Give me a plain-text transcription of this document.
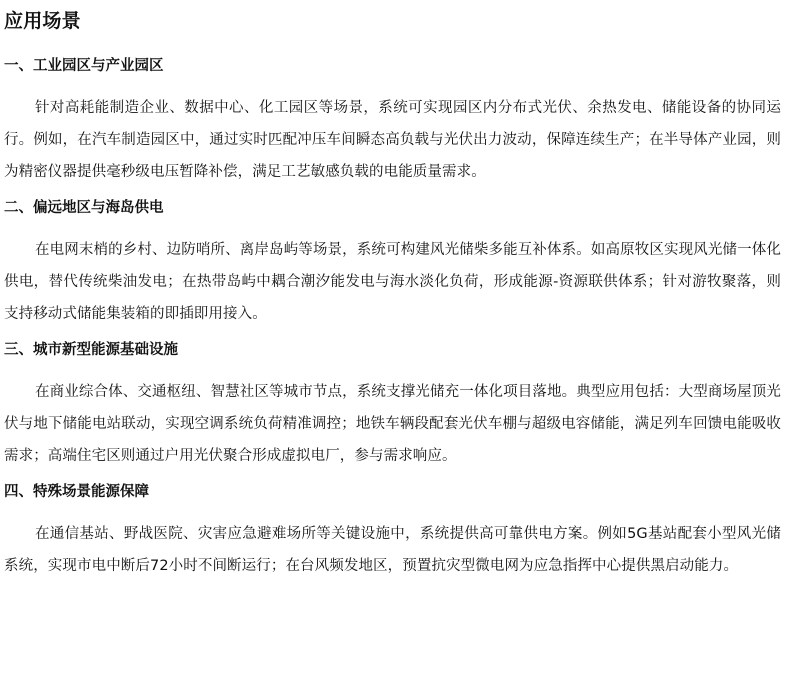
应用场景
一、工业园区与产业园区

针对高耗能制造企业、数据中心、化工园区等场景，系统可实现园区内分布式光伏、余热发电、储能设备的协同运行。例如，在汽车制造园区中，通过实时匹配冲压车间瞬态高负载与光伏出力波动，保障连续生产；在半导体产业园，则为精密仪器提供毫秒级电压暂降补偿，满足工艺敏感负载的电能质量需求。

二、偏远地区与海岛供电

在电网末梢的乡村、边防哨所、离岸岛屿等场景，系统可构建风光储柴多能互补体系。如高原牧区实现风光储一体化供电，替代传统柴油发电；在热带岛屿中耦合潮汐能发电与海水淡化负荷，形成能源-资源联供体系；针对游牧聚落，则支持移动式储能集装箱的即插即用接入。

三、城市新型能源基础设施

在商业综合体、交通枢纽、智慧社区等城市节点，系统支撑光储充一体化项目落地。典型应用包括：大型商场屋顶光伏与地下储能电站联动，实现空调系统负荷精准调控；地铁车辆段配套光伏车棚与超级电容储能，满足列车回馈电能吸收需求；高端住宅区则通过户用光伏聚合形成虚拟电厂，参与需求响应。

四、特殊场景能源保障

在通信基站、野战医院、灾害应急避难场所等关键设施中，系统提供高可靠供电方案。例如5G基站配套小型风光储系统，实现市电中断后72小时不间断运行；在台风频发地区，预置抗灾型微电网为应急指挥中心提供黑启动能力。
